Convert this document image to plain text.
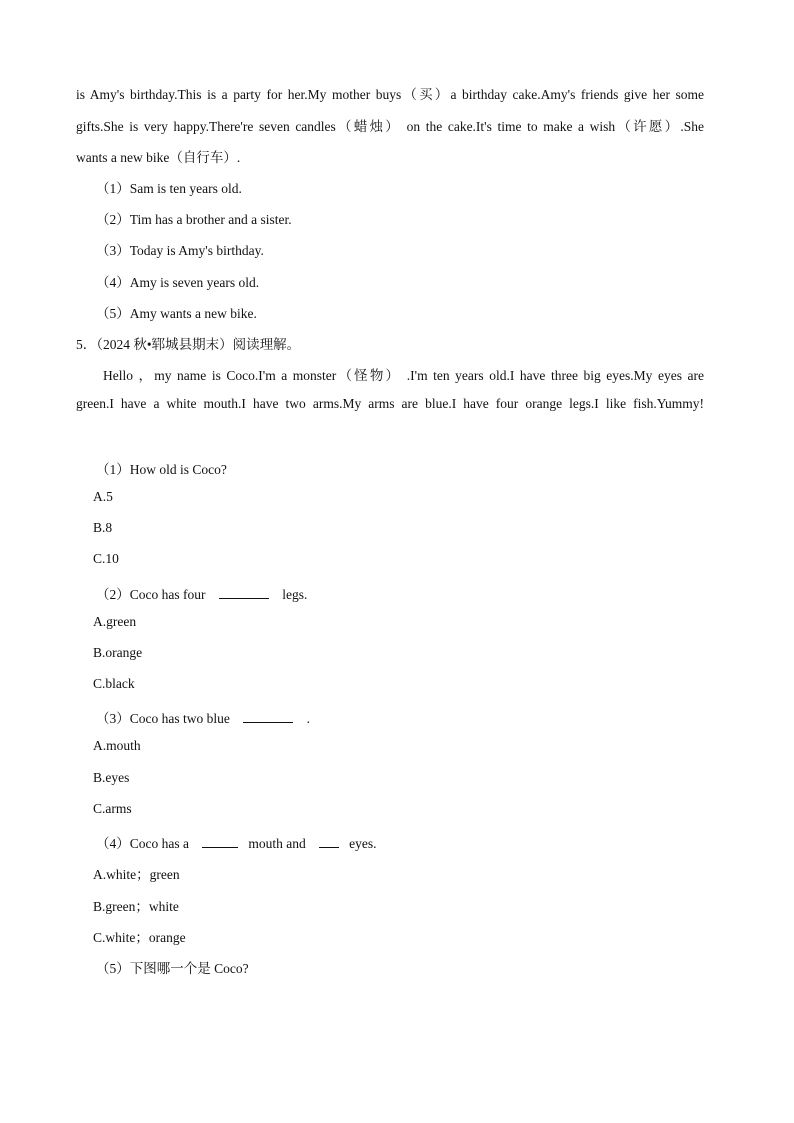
is Amy's birthday.This is a party for her.My mother buys（买）a birthday cake.Amy's friends give her some
gifts.She is very happy.There're seven candles（蜡烛） on the cake.It's time to make a wish（许愿）.She
wants a new bike（自行车）.
（1）Sam is ten years old.
（2）Tim has a brother and a sister.
（3）Today is Amy's birthday.
（4）Amy is seven years old.
（5）Amy wants a new bike.
5．（2024 秋•郓城县期末）阅读理解。
Hello ，my name is Coco.I'm a monster（怪物） .I'm ten years old.I have three big eyes.My eyes are
green.I have a white mouth.I have two arms.My arms are blue.I have four orange legs.I like fish.Yummy!
（1）How old is Coco?
A.5
B.8
C.10
（2）Coco has four	legs.
A.green
B.orange
C.black
（3）Coco has two blue	.
A.mouth
B.eyes
C.arms
（4）Coco has a	mouth and	eyes.
A.white；green
B.green；white
C.white；orange
（5）下图哪一个是 Coco?
